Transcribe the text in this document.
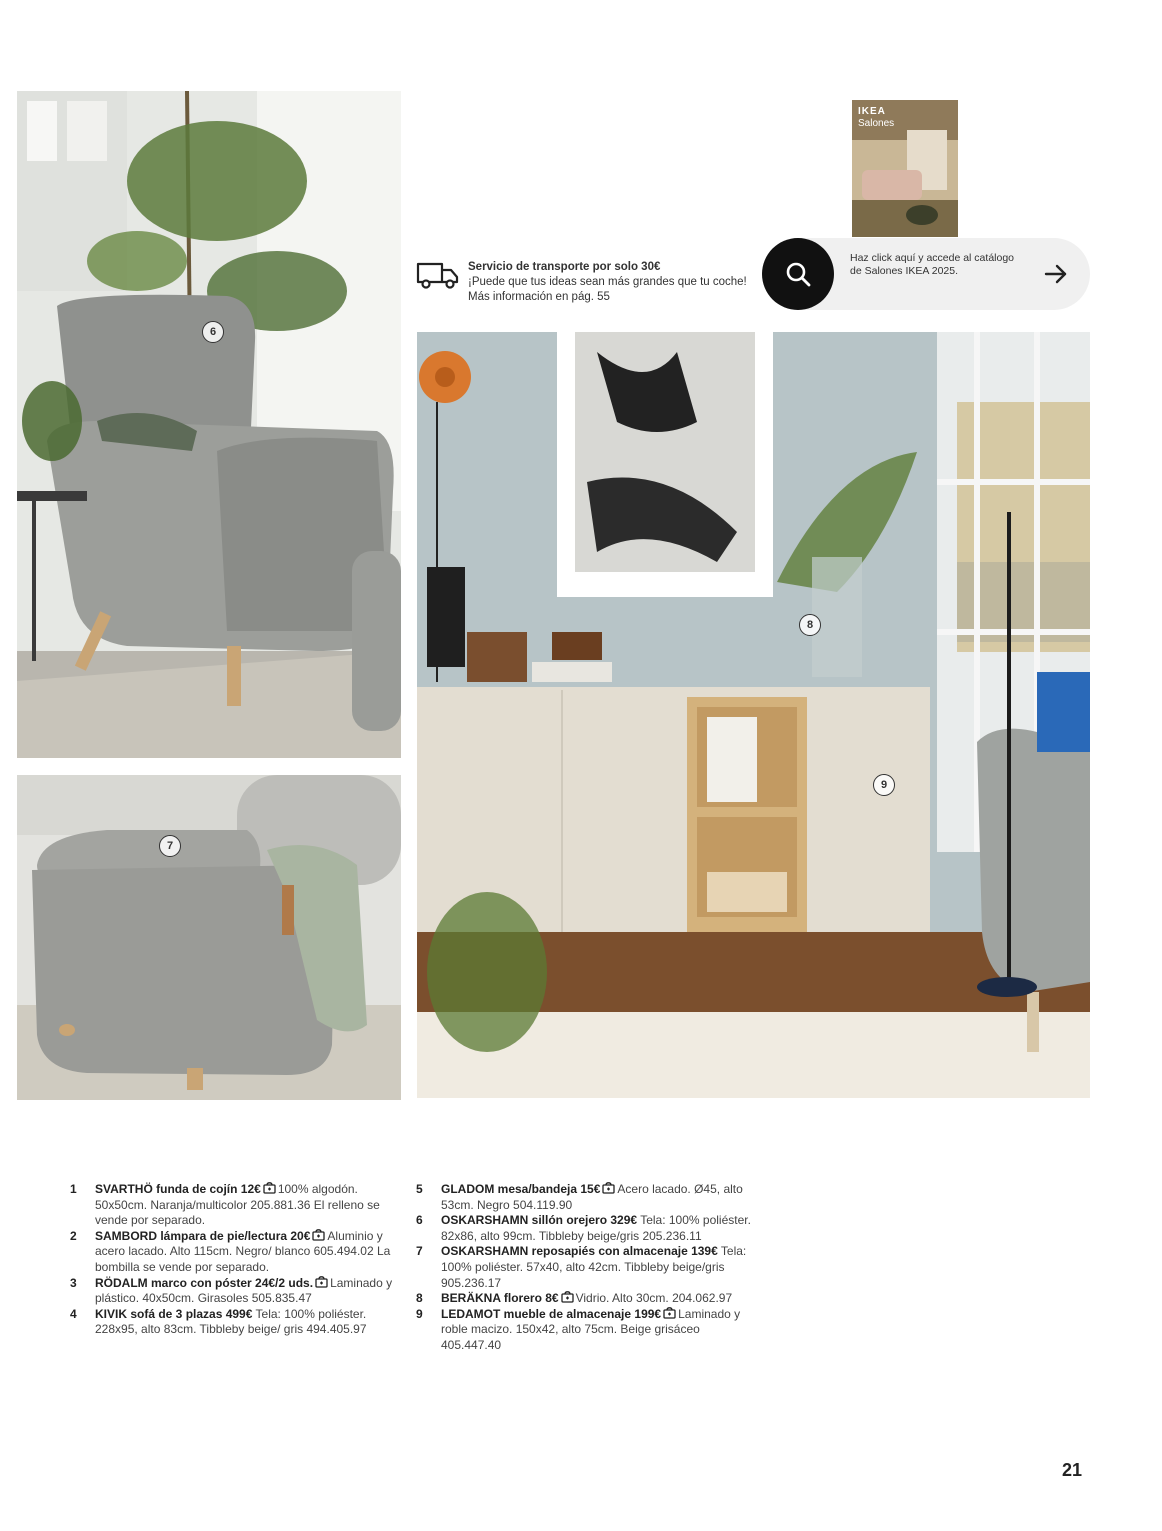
6
7
Servicio de transporte por solo 30€
¡Puede que tus ideas sean más grandes que tu coche! Más información en pág. 55
IKEA
Salones
Haz click aquí y accede al catálogo de Salones IKEA 2025.
8
9
1	SVARTHÖ funda de cojín 12€ 100% algodón. 50x50cm. Naranja/multicolor 205.881.36 El relleno se vende por separado.
2	SAMBORD lámpara de pie/lectura 20€ Aluminio y acero lacado. Alto 115cm. Negro/ blanco 605.494.02 La bombilla se vende por separado.
3	RÖDALM marco con póster 24€/2 uds. Laminado y plástico. 40x50cm. Girasoles 505.835.47
4	KIVIK sofá de 3 plazas 499€ Tela: 100% poliéster. 228x95, alto 83cm. Tibbleby beige/ gris 494.405.97
5	GLADOM mesa/bandeja 15€ Acero lacado. Ø45, alto 53cm. Negro 504.119.90
6	OSKARSHAMN sillón orejero 329€ Tela: 100% poliéster. 82x86, alto 99cm. Tibbleby beige/gris 205.236.11
7	OSKARSHAMN reposapiés con almacenaje 139€ Tela: 100% poliéster. 57x40, alto 42cm. Tibbleby beige/gris 905.236.17
8	BERÄKNA florero 8€ Vidrio. Alto 30cm. 204.062.97
9	LEDAMOT mueble de almacenaje 199€ Laminado y roble macizo. 150x42, alto 75cm. Beige grisáceo 405.447.40
21
